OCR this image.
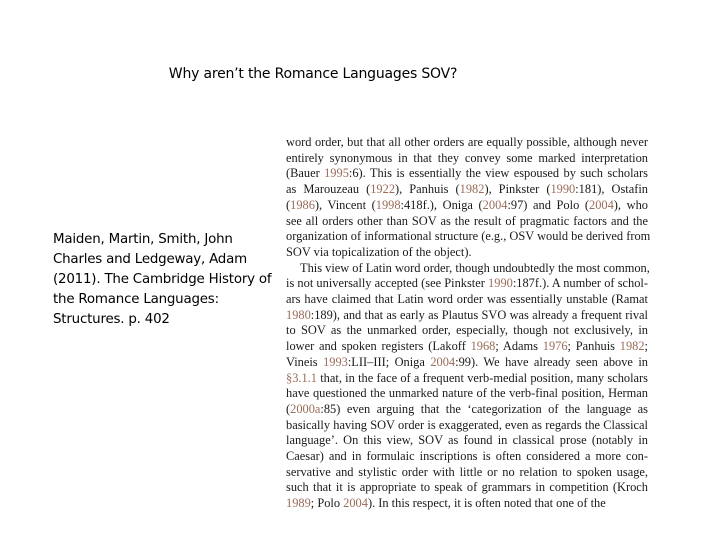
Why aren’t the Romance Languages SOV?
Maiden, Martin, Smith, John Charles and Ledgeway, Adam (2011). The Cambridge History of the Romance Languages: Structures. p. 402
word order, but that all other orders are equally possible, although never
entirely synonymous in that they convey some marked interpretation
(Bauer 1995:6). This is essentially the view espoused by such scholars
as Marouzeau (1922), Panhuis (1982), Pinkster (1990:181), Ostafin
(1986), Vincent (1998:418f.), Oniga (2004:97) and Polo (2004), who
see all orders other than SOV as the result of pragmatic factors and the
organization of informational structure (e.g., OSV would be derived from
SOV via topicalization of the object).
This view of Latin word order, though undoubtedly the most common,
is not universally accepted (see Pinkster 1990:187f.). A number of schol-
ars have claimed that Latin word order was essentially unstable (Ramat
1980:189), and that as early as Plautus SVO was already a frequent rival
to SOV as the unmarked order, especially, though not exclusively, in
lower and spoken registers (Lakoff 1968; Adams 1976; Panhuis 1982;
Vineis 1993:LII–III; Oniga 2004:99). We have already seen above in
§3.1.1 that, in the face of a frequent verb-medial position, many scholars
have questioned the unmarked nature of the verb-final position, Herman
(2000a:85) even arguing that the ‘categorization of the language as
basically having SOV order is exaggerated, even as regards the Classical
language’. On this view, SOV as found in classical prose (notably in
Caesar) and in formulaic inscriptions is often considered a more con-
servative and stylistic order with little or no relation to spoken usage,
such that it is appropriate to speak of grammars in competition (Kroch
1989; Polo 2004). In this respect, it is often noted that one of the
